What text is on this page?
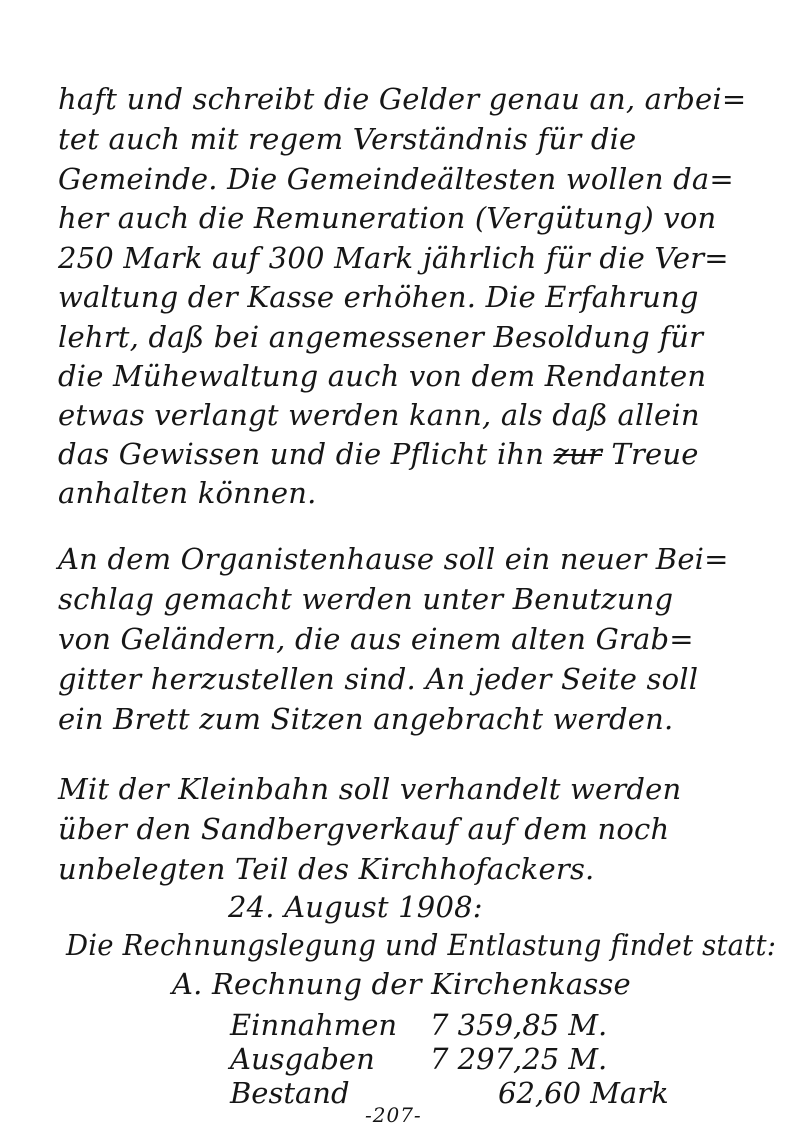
haft und schreibt die Gelder genau an, arbei=
tet auch mit regem Verständnis für die
Gemeinde. Die Gemeindeältesten wollen da=
her auch die Remuneration (Vergütung) von
250 Mark auf 300 Mark jährlich für die Ver=
waltung der Kasse erhöhen. Die Erfahrung
lehrt, daß bei angemessener Besoldung für
die Mühewaltung auch von dem Rendanten
etwas verlangt werden kann, als daß allein
das Gewissen und die Pflicht ihn zur Treue
anhalten können.
An dem Organistenhause soll ein neuer Bei=
schlag gemacht werden unter Benutzung
von Geländern, die aus einem alten Grab=
gitter herzustellen sind. An jeder Seite soll
ein Brett zum Sitzen angebracht werden.
Mit der Kleinbahn soll verhandelt werden
über den Sandbergverkauf auf dem noch
unbelegten Teil des Kirchhofackers.
24. August 1908:
Die Rechnungslegung und Entlastung findet statt:
A. Rechnung der Kirchenkasse
Einnahmen 7 359,85 M.
Ausgaben 7 297,25 M.
Bestand	62,60 Mark
-207-
